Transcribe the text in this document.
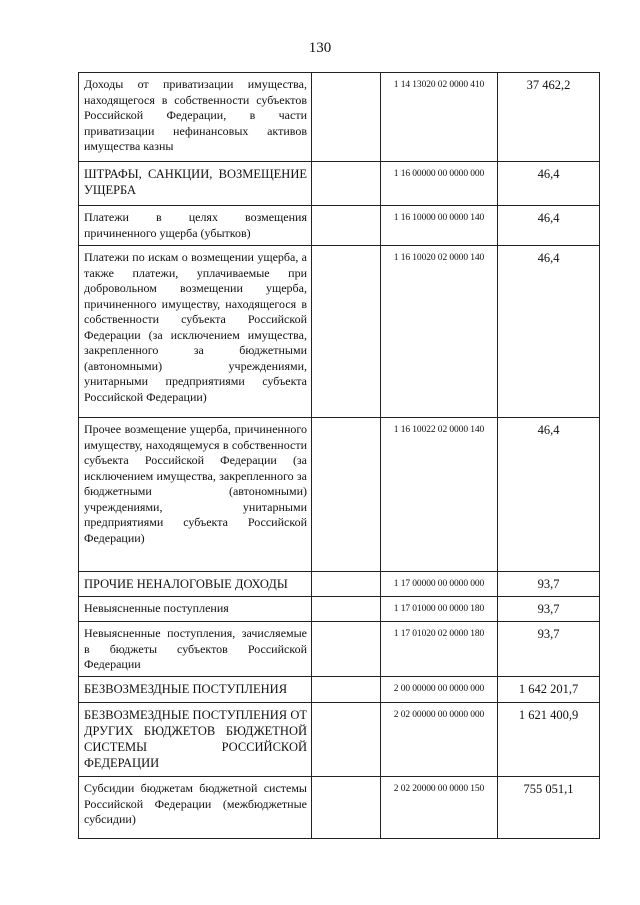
130
Доходы от приватизации имущества, находящегося в собственности субъектов Российской Федерации, в части приватизации нефинансовых активов имущества казны		1 14 13020 02 0000 410	37 462,2
ШТРАФЫ, САНКЦИИ, ВОЗМЕЩЕНИЕ УЩЕРБА		1 16 00000 00 0000 000	46,4
Платежи в целях возмещения причиненного ущерба (убытков)		1 16 10000 00 0000 140	46,4
Платежи по искам о возмещении ущерба, а также платежи, уплачиваемые при добровольном возмещении ущерба, причиненного имуществу, находящегося в собственности субъекта Российской Федерации (за исключением имущества, закрепленного за бюджетными (автономными) учреждениями, унитарными предприятиями субъекта Российской Федерации)		1 16 10020 02 0000 140	46,4
Прочее возмещение ущерба, причиненного имуществу, находящемуся в собственности субъекта Российской Федерации (за исключением имущества, закрепленного за бюджетными (автономными) учреждениями, унитарными предприятиями субъекта Российской Федерации)		1 16 10022 02 0000 140	46,4
ПРОЧИЕ НЕНАЛОГОВЫЕ ДОХОДЫ		1 17 00000 00 0000 000	93,7
Невыясненные поступления		1 17 01000 00 0000 180	93,7
Невыясненные поступления, зачисляемые в бюджеты субъектов Российской Федерации		1 17 01020 02 0000 180	93,7
БЕЗВОЗМЕЗДНЫЕ ПОСТУПЛЕНИЯ		2 00 00000 00 0000 000	1 642 201,7
БЕЗВОЗМЕЗДНЫЕ ПОСТУПЛЕНИЯ ОТ ДРУГИХ БЮДЖЕТОВ БЮДЖЕТНОЙ СИСТЕМЫ РОССИЙСКОЙ ФЕДЕРАЦИИ		2 02 00000 00 0000 000	1 621 400,9
Субсидии бюджетам бюджетной системы Российской Федерации (межбюджетные субсидии)		2 02 20000 00 0000 150	755 051,1
